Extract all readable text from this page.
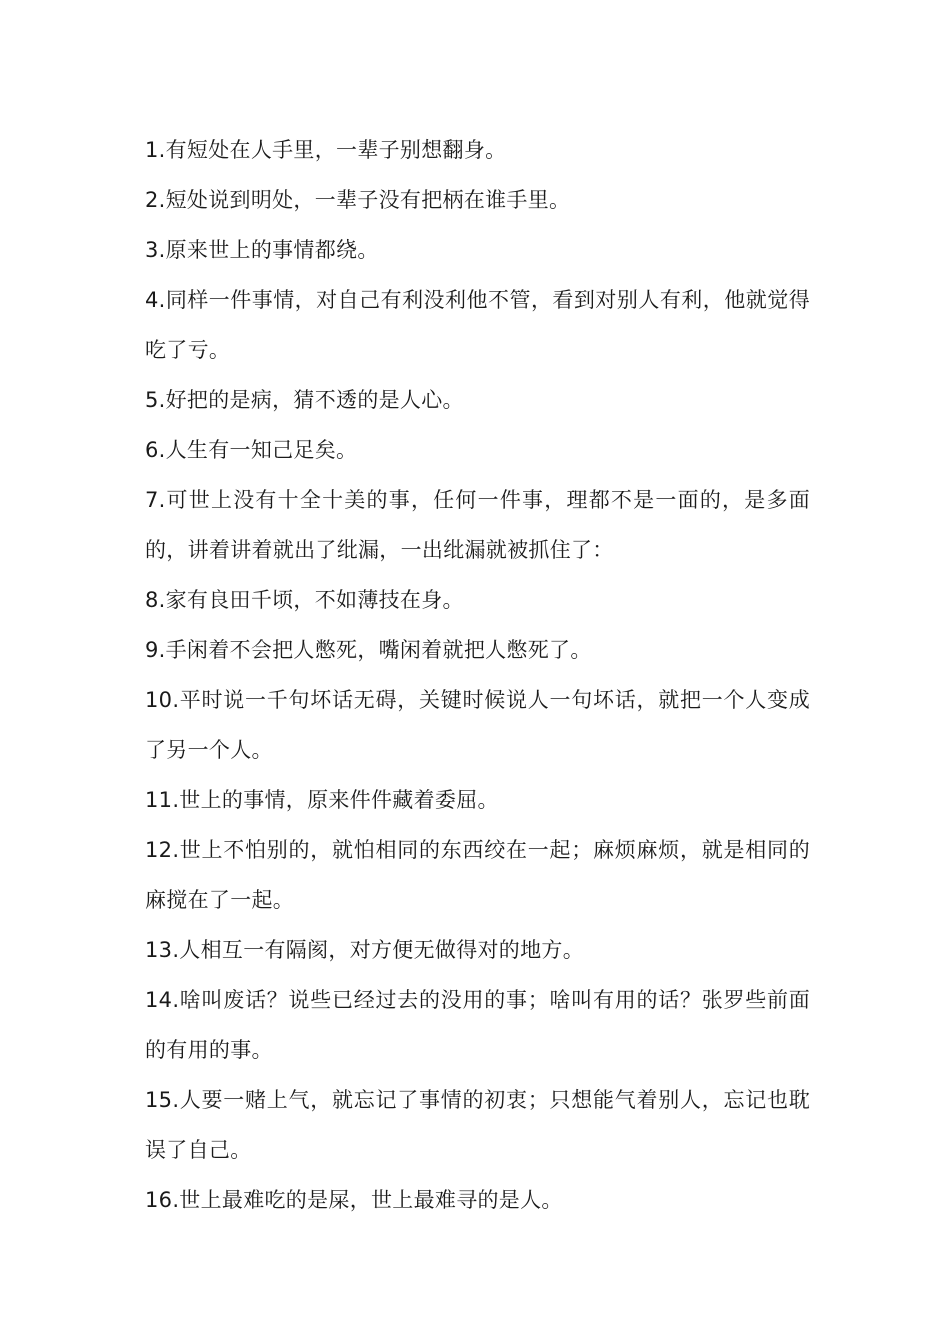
1.有短处在人手里，一辈子别想翻身。

2.短处说到明处，一辈子没有把柄在谁手里。

3.原来世上的事情都绕。

4.同样一件事情，对自己有利没利他不管，看到对别人有利，他就觉得吃了亏。

5.好把的是病，猜不透的是人心。

6.人生有一知己足矣。

7.可世上没有十全十美的事，任何一件事，理都不是一面的，是多面的，讲着讲着就出了纰漏，一出纰漏就被抓住了：

8.家有良田千顷，不如薄技在身。

9.手闲着不会把人憋死，嘴闲着就把人憋死了。

10.平时说一千句坏话无碍，关键时候说人一句坏话，就把一个人变成了另一个人。

11.世上的事情，原来件件藏着委屈。

12.世上不怕别的，就怕相同的东西绞在一起；麻烦麻烦，就是相同的麻搅在了一起。

13.人相互一有隔阂，对方便无做得对的地方。

14.啥叫废话？说些已经过去的没用的事；啥叫有用的话？张罗些前面的有用的事。

15.人要一赌上气，就忘记了事情的初衷；只想能气着别人，忘记也耽误了自己。

16.世上最难吃的是屎，世上最难寻的是人。
